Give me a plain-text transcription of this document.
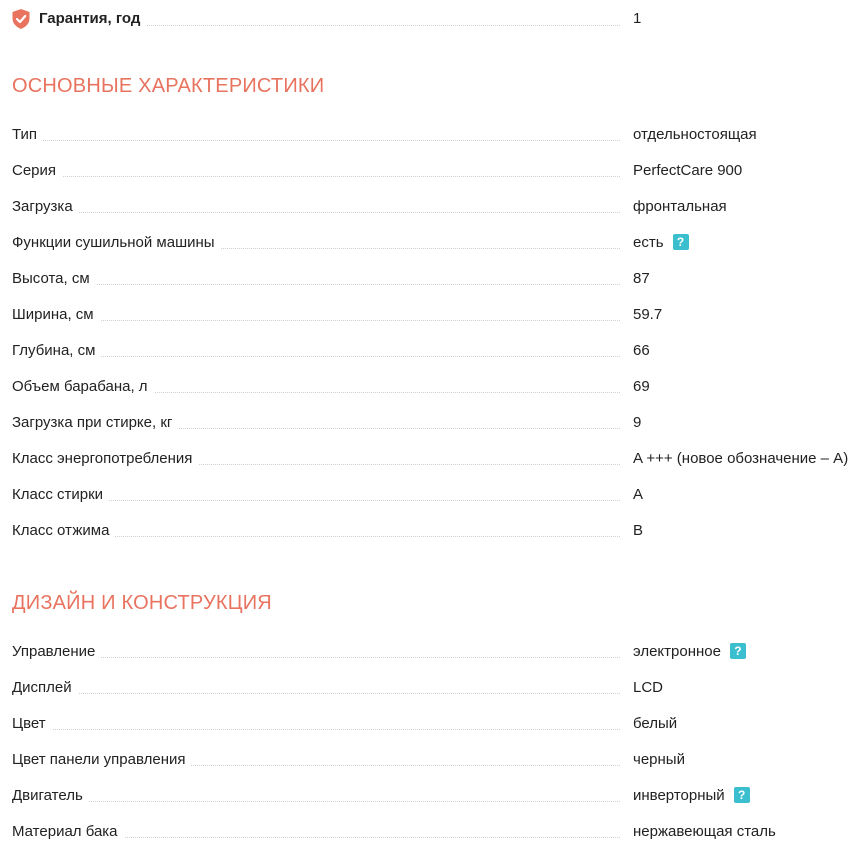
Гарантия, год	1
ОСНОВНЫЕ ХАРАКТЕРИСТИКИ
Тип	отдельностоящая
Серия	PerfectCare 900
Загрузка	фронтальная
Функции сушильной машины	есть ?
Высота, см	87
Ширина, см	59.7
Глубина, см	66
Объем барабана, л	69
Загрузка при стирке, кг	9
Класс энергопотребления	A +++ (новое обозначение – A)
Класс стирки	A
Класс отжима	B
ДИЗАЙН И КОНСТРУКЦИЯ
Управление	электронное ?
Дисплей	LCD
Цвет	белый
Цвет панели управления	черный
Двигатель	инверторный ?
Материал бака	нержавеющая сталь
